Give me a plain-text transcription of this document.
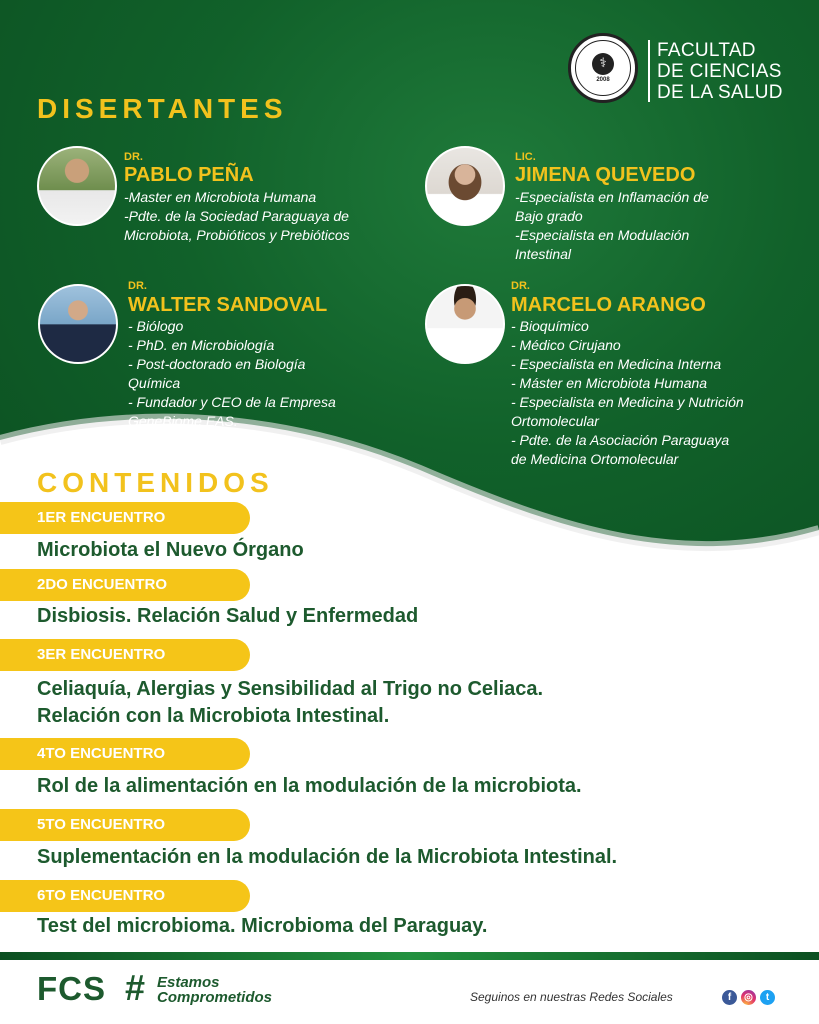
⚕
2008
FACULTAD
DE CIENCIAS
DE LA SALUD
DISERTANTES
DR.
PABLO PEÑA
-Master en Microbiota Humana
-Pdte. de la Sociedad Paraguaya de
Microbiota, Probióticos y Prebióticos
LIC.
JIMENA QUEVEDO
-Especialista en Inflamación de
Bajo grado
-Especialista en Modulación
Intestinal
DR.
WALTER SANDOVAL
- Biólogo
- PhD. en Microbiología
- Post-doctorado en Biología
Química
- Fundador y CEO de la Empresa
GeneBiome EAS.
DR.
MARCELO ARANGO
- Bioquímico
- Médico Cirujano
- Especialista en Medicina Interna
- Máster en Microbiota Humana
- Especialista en Medicina y Nutrición
Ortomolecular
- Pdte. de la Asociación Paraguaya
de Medicina Ortomolecular
CONTENIDOS
1ER ENCUENTRO
Microbiota el Nuevo Órgano
2DO ENCUENTRO
Disbiosis. Relación Salud y Enfermedad
3ER ENCUENTRO
Celiaquía, Alergias y Sensibilidad al Trigo no Celiaca.
Relación con la Microbiota Intestinal.
4TO ENCUENTRO
Rol de la alimentación en la modulación de la microbiota.
5TO ENCUENTRO
Suplementación en la modulación de la Microbiota Intestinal.
6TO ENCUENTRO
Test del microbioma. Microbioma del Paraguay.
FCS # Estamos
Comprometidos	Seguinos en nuestras Redes Sociales	f	◎	t
